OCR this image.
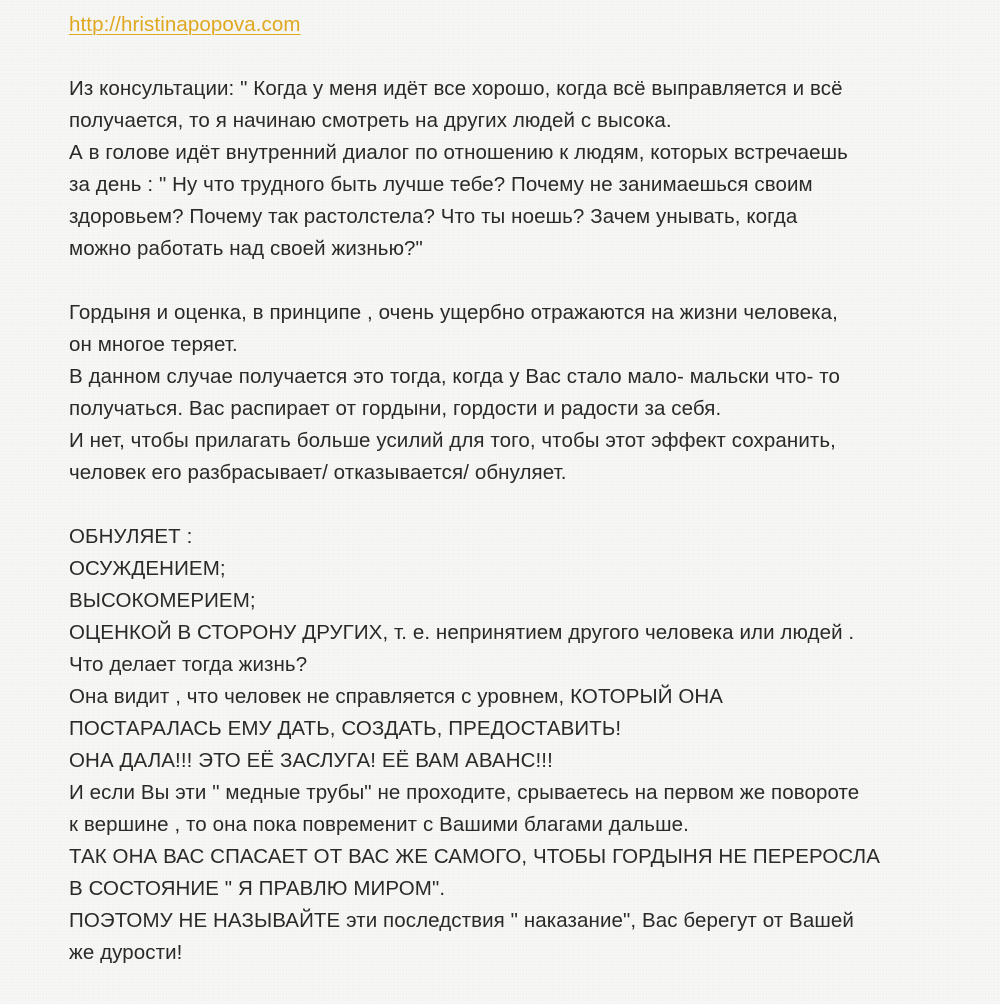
http://hristinapopova.com
Из консультации: " Когда у меня идёт все хорошо, когда всё выправляется и всё
получается, то я начинаю смотреть на других людей с высока.
А в голове идёт внутренний диалог по отношению к людям, которых встречаешь
за день : " Ну что трудного быть лучше тебе? Почему не занимаешься своим
здоровьем? Почему так растолстела? Что ты ноешь? Зачем унывать, когда
можно работать над своей жизнью?"
Гордыня и оценка, в принципе , очень ущербно отражаются на жизни человека,
он многое теряет.
В данном случае получается это тогда, когда у Вас стало мало- мальски что- то
получаться. Вас распирает от гордыни, гордости и радости за себя.
И нет, чтобы прилагать больше усилий для того, чтобы этот эффект сохранить,
человек его разбрасывает/ отказывается/ обнуляет.
ОБНУЛЯЕТ :
ОСУЖДЕНИЕМ;
ВЫСОКОМЕРИЕМ;
ОЦЕНКОЙ В СТОРОНУ ДРУГИХ, т. е. непринятием другого человека или людей .
Что делает тогда жизнь?
Она видит , что человек не справляется с уровнем, КОТОРЫЙ ОНА
ПОСТАРАЛАСЬ ЕМУ ДАТЬ, СОЗДАТЬ, ПРЕДОСТАВИТЬ!
ОНА ДАЛА!!! ЭТО ЕЁ ЗАСЛУГА! ЕЁ ВАМ АВАНС!!!
И если Вы эти " медные трубы" не проходите, срываетесь на первом же повороте
к вершине , то она пока повременит с Вашими благами дальше.
ТАК ОНА ВАС СПАСАЕТ ОТ ВАС ЖЕ САМОГО, ЧТОБЫ ГОРДЫНЯ НЕ ПЕРЕРОСЛА
В СОСТОЯНИЕ " Я ПРАВЛЮ МИРОМ".
ПОЭТОМУ НЕ НАЗЫВАЙТЕ эти последствия " наказание", Вас берегут от Вашей
же дурости!
